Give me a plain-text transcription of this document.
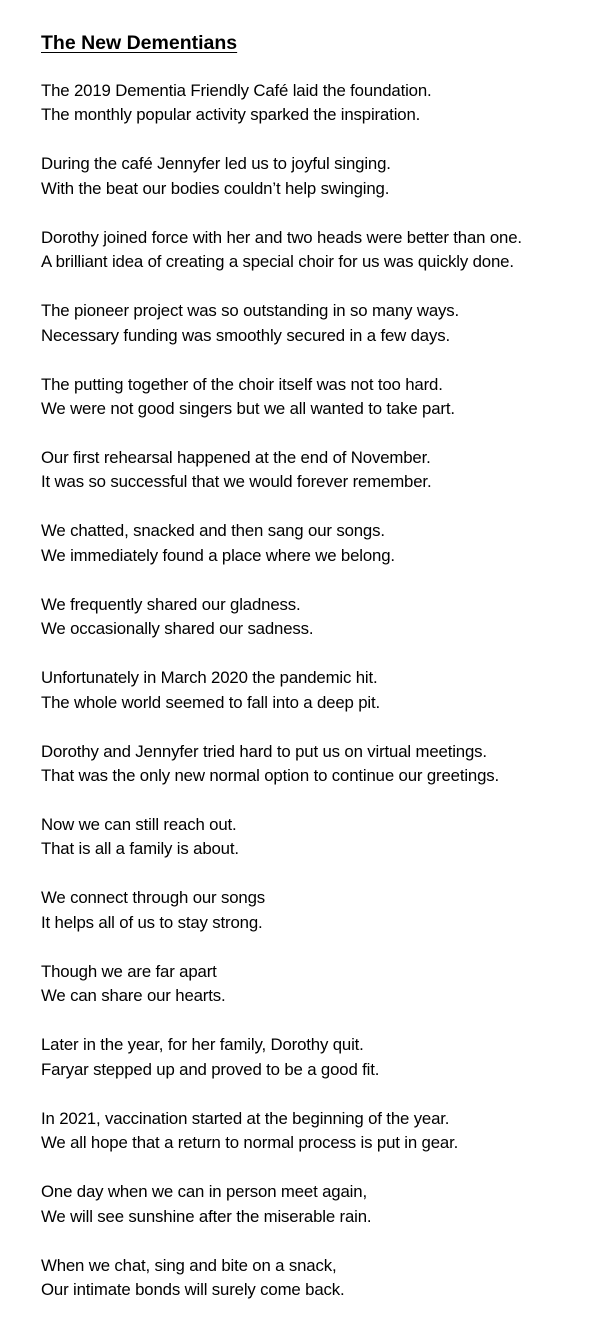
The New Dementians
The 2019 Dementia Friendly Café laid the foundation.
The monthly popular activity sparked the inspiration.
During the café Jennyfer led us to joyful singing.
With the beat our bodies couldn’t help swinging.
Dorothy joined force with her and two heads were better than one.
A brilliant idea of creating a special choir for us was quickly done.
The pioneer project was so outstanding in so many ways.
Necessary funding was smoothly secured in a few days.
The putting together of the choir itself was not too hard.
We were not good singers but we all wanted to take part.
Our first rehearsal happened at the end of November.
It was so successful that we would forever remember.
We chatted, snacked and then sang our songs.
We immediately found a place where we belong.
We frequently shared our gladness.
We occasionally shared our sadness.
Unfortunately in March 2020 the pandemic hit.
The whole world seemed to fall into a deep pit.
Dorothy and Jennyfer tried hard to put us on virtual meetings.
That was the only new normal option to continue our greetings.
Now we can still reach out.
That is all a family is about.
We connect through our songs
It helps all of us to stay strong.
Though we are far apart
We can share our hearts.
Later in the year, for her family, Dorothy quit.
Faryar stepped up and proved to be a good fit.
In 2021, vaccination started at the beginning of the year.
We all hope that a return to normal process is put in gear.
One day when we can in person meet again,
We will see sunshine after the miserable rain.
When we chat, sing and bite on a snack,
Our intimate bonds will surely come back.
